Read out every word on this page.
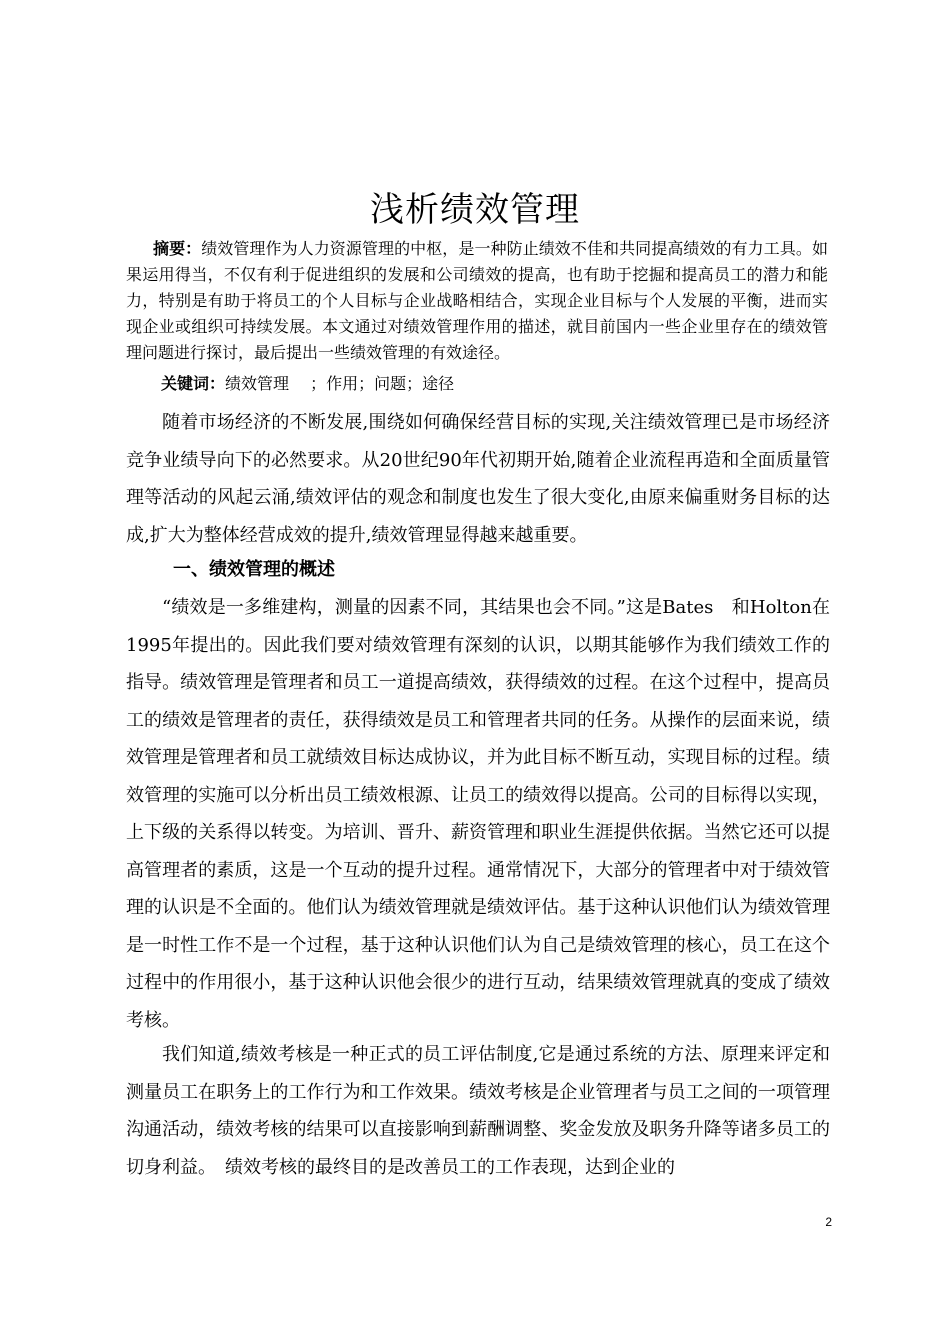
浅析绩效管理

摘要：绩效管理作为人力资源管理的中枢，是一种防止绩效不佳和共同提高绩效的有力工具。如果运用得当，不仅有利于促进组织的发展和公司绩效的提高，也有助于挖掘和提高员工的潜力和能力，特别是有助于将员工的个人目标与企业战略相结合，实现企业目标与个人发展的平衡，进而实现企业或组织可持续发展。本文通过对绩效管理作用的描述，就目前国内一些企业里存在的绩效管理问题进行探讨，最后提出一些绩效管理的有效途径。

关键词：绩效管理　 ；作用；问题；途径

随着市场经济的不断发展,围绕如何确保经营目标的实现,关注绩效管理已是市场经济竞争业绩导向下的必然要求。从20世纪90年代初期开始,随着企业流程再造和全面质量管理等活动的风起云涌,绩效评估的观念和制度也发生了很大变化,由原来偏重财务目标的达成,扩大为整体经营成效的提升,绩效管理显得越来越重要。

一、绩效管理的概述

“绩效是一多维建构，测量的因素不同，其结果也会不同。”这是Bates　和Holton在1995年提出的。因此我们要对绩效管理有深刻的认识，以期其能够作为我们绩效工作的指导。绩效管理是管理者和员工一道提高绩效，获得绩效的过程。在这个过程中，提高员工的绩效是管理者的责任，获得绩效是员工和管理者共同的任务。从操作的层面来说，绩效管理是管理者和员工就绩效目标达成协议，并为此目标不断互动，实现目标的过程。绩效管理的实施可以分析出员工绩效根源、让员工的绩效得以提高。公司的目标得以实现，上下级的关系得以转变。为培训、晋升、薪资管理和职业生涯提供依据。当然它还可以提高管理者的素质，这是一个互动的提升过程。通常情况下，大部分的管理者中对于绩效管理的认识是不全面的。他们认为绩效管理就是绩效评估。基于这种认识他们认为绩效管理是一时性工作不是一个过程，基于这种认识他们认为自己是绩效管理的核心，员工在这个过程中的作用很小，基于这种认识他会很少的进行互动，结果绩效管理就真的变成了绩效考核。

我们知道,绩效考核是一种正式的员工评估制度,它是通过系统的方法、原理来评定和测量员工在职务上的工作行为和工作效果。绩效考核是企业管理者与员工之间的一项管理沟通活动，绩效考核的结果可以直接影响到薪酬调整、奖金发放及职务升降等诸多员工的切身利益。　绩效考核的最终目的是改善员工的工作表现，达到企业的

2
